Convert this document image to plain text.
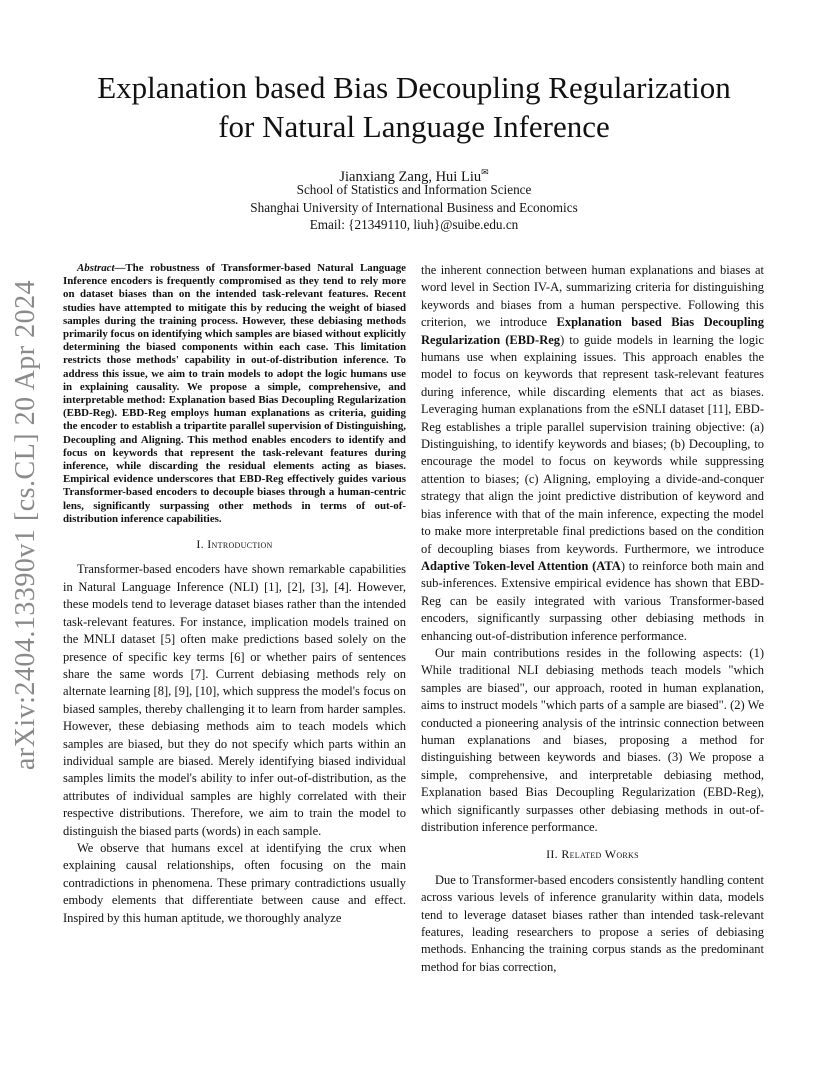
arXiv:2404.13390v1 [cs.CL] 20 Apr 2024
Explanation based Bias Decoupling Regularization
for Natural Language Inference
Jianxiang Zang, Hui Liu✉
School of Statistics and Information Science
Shanghai University of International Business and Economics
Email: {21349110, liuh}@suibe.edu.cn

Abstract—The robustness of Transformer-based Natural Language Inference encoders is frequently compromised as they tend to rely more on dataset biases than on the intended task-relevant features. Recent studies have attempted to mitigate this by reducing the weight of biased samples during the training process. However, these debiasing methods primarily focus on identifying which samples are biased without explicitly determining the biased components within each case. This limitation restricts those methods' capability in out-of-distribution inference. To address this issue, we aim to train models to adopt the logic humans use in explaining causality. We propose a simple, comprehensive, and interpretable method: Explanation based Bias Decoupling Regularization (EBD-Reg). EBD-Reg employs human explanations as criteria, guiding the encoder to establish a tripartite parallel supervision of Distinguishing, Decoupling and Aligning. This method enables encoders to identify and focus on keywords that represent the task-relevant features during inference, while discarding the residual elements acting as biases. Empirical evidence underscores that EBD-Reg effectively guides various Transformer-based encoders to decouple biases through a human-centric lens, significantly surpassing other methods in terms of out-of-distribution inference capabilities.

I. Introduction

Transformer-based encoders have shown remarkable capabilities in Natural Language Inference (NLI) [1], [2], [3], [4]. However, these models tend to leverage dataset biases rather than the intended task-relevant features. For instance, implication models trained on the MNLI dataset [5] often make predictions based solely on the presence of specific key terms [6] or whether pairs of sentences share the same words [7]. Current debiasing methods rely on alternate learning [8], [9], [10], which suppress the model's focus on biased samples, thereby challenging it to learn from harder samples. However, these debiasing methods aim to teach models which samples are biased, but they do not specify which parts within an individual sample are biased. Merely identifying biased individual samples limits the model's ability to infer out-of-distribution, as the attributes of individual samples are highly correlated with their respective distributions. Therefore, we aim to train the model to distinguish the biased parts (words) in each sample.

We observe that humans excel at identifying the crux when explaining causal relationships, often focusing on the main contradictions in phenomena. These primary contradictions usually embody elements that differentiate between cause and effect. Inspired by this human aptitude, we thoroughly analyze

the inherent connection between human explanations and biases at word level in Section IV-A, summarizing criteria for distinguishing keywords and biases from a human perspective. Following this criterion, we introduce Explanation based Bias Decoupling Regularization (EBD-Reg) to guide models in learning the logic humans use when explaining issues. This approach enables the model to focus on keywords that represent task-relevant features during inference, while discarding elements that act as biases. Leveraging human explanations from the eSNLI dataset [11], EBD-Reg establishes a triple parallel supervision training objective: (a) Distinguishing, to identify keywords and biases; (b) Decoupling, to encourage the model to focus on keywords while suppressing attention to biases; (c) Aligning, employing a divide-and-conquer strategy that align the joint predictive distribution of keyword and bias inference with that of the main inference, expecting the model to make more interpretable final predictions based on the condition of decoupling biases from keywords. Furthermore, we introduce Adaptive Token-level Attention (ATA) to reinforce both main and sub-inferences. Extensive empirical evidence has shown that EBD-Reg can be easily integrated with various Transformer-based encoders, significantly surpassing other debiasing methods in enhancing out-of-distribution inference performance.

Our main contributions resides in the following aspects: (1) While traditional NLI debiasing methods teach models "which samples are biased", our approach, rooted in human explanation, aims to instruct models "which parts of a sample are biased". (2) We conducted a pioneering analysis of the intrinsic connection between human explanations and biases, proposing a method for distinguishing between keywords and biases. (3) We propose a simple, comprehensive, and interpretable debiasing method, Explanation based Bias Decoupling Regularization (EBD-Reg), which significantly surpasses other debiasing methods in out-of-distribution inference performance.

II. Related Works

Due to Transformer-based encoders consistently handling content across various levels of inference granularity within data, models tend to leverage dataset biases rather than intended task-relevant features, leading researchers to propose a series of debiasing methods. Enhancing the training corpus stands as the predominant method for bias correction,
